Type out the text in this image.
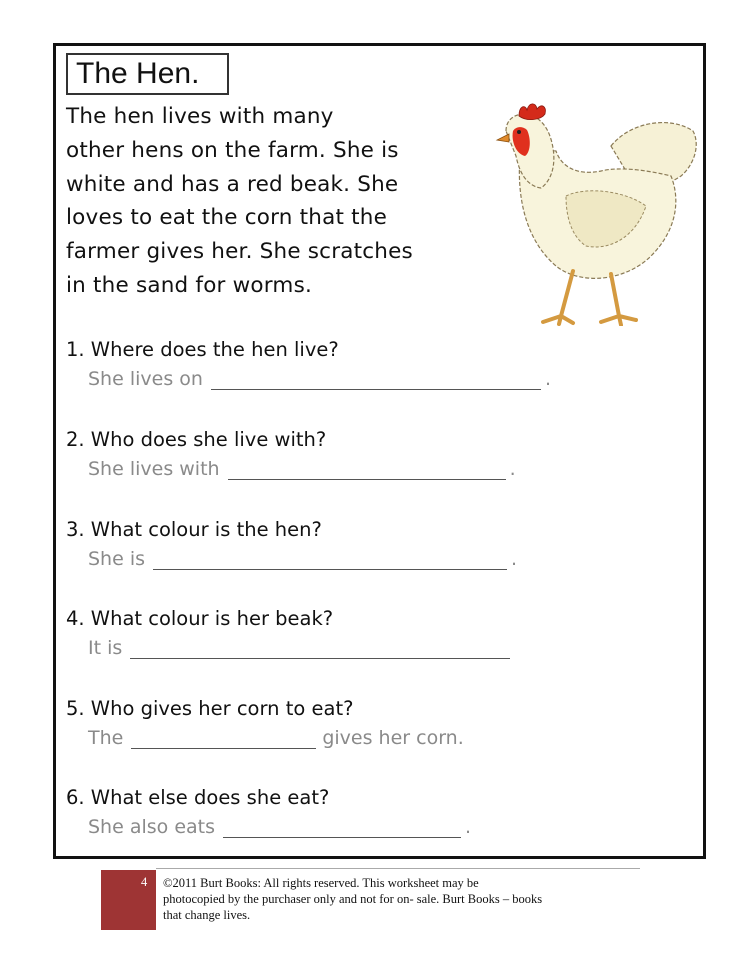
The Hen.
The hen lives with many
other hens on the farm. She is
white and has a red beak. She
loves to eat the corn that the
farmer gives her. She scratches
in the sand for worms.
1. Where does the hen live?
She lives on	.
2. Who does she live with?
She lives with	.
3. What colour is the hen?
She is	.
4. What colour is her beak?
It is
5. Who gives her corn to eat?
The	gives her corn.
6. What else does she eat?
She also eats	.
4 ©2011 Burt Books: All rights reserved. This worksheet may be
photocopied by the purchaser only and not for on- sale. Burt Books – books
that change lives.
